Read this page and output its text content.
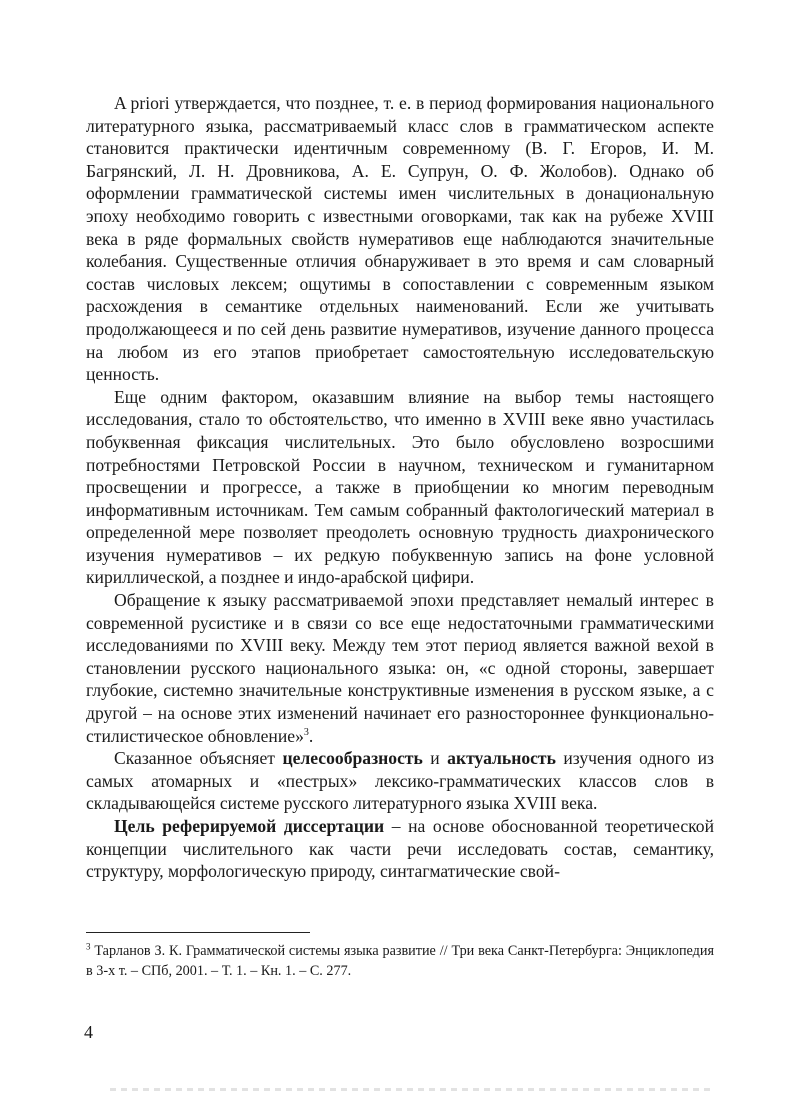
A priori утверждается, что позднее, т. е. в период формирования национального литературного языка, рассматриваемый класс слов в грамматическом аспекте становится практически идентичным современному (В. Г. Егоров, И. М. Багрянский, Л. Н. Дровникова, А. Е. Супрун, О. Ф. Жолобов). Однако об оформлении грамматической системы имен числительных в донациональную эпоху необходимо говорить с известными оговорками, так как на рубеже XVIII века в ряде формальных свойств нумеративов еще наблюдаются значительные колебания. Существенные отличия обнаруживает в это время и сам словарный состав числовых лексем; ощутимы в сопоставлении с современным языком расхождения в семантике отдельных наименований. Если же учитывать продолжающееся и по сей день развитие нумеративов, изучение данного процесса на любом из его этапов приобретает самостоятельную исследовательскую ценность.

Еще одним фактором, оказавшим влияние на выбор темы настоящего исследования, стало то обстоятельство, что именно в XVIII веке явно участилась побуквенная фиксация числительных. Это было обусловлено возросшими потребностями Петровской России в научном, техническом и гуманитарном просвещении и прогрессе, а также в приобщении ко многим переводным информативным источникам. Тем самым собранный фактологический материал в определенной мере позволяет преодолеть основную трудность диахронического изучения нумеративов – их редкую побуквенную запись на фоне условной кириллической, а позднее и индо-арабской цифири.

Обращение к языку рассматриваемой эпохи представляет немалый интерес в современной русистике и в связи со все еще недостаточными грамматическими исследованиями по XVIII веку. Между тем этот период является важной вехой в становлении русского национального языка: он, «с одной стороны, завершает глубокие, системно значительные конструктивные изменения в русском языке, а с другой – на основе этих изменений начинает его разностороннее функционально-стилистическое обновление»$^3$.

Сказанное объясняет целесообразность и актуальность изучения одного из самых атомарных и «пестрых» лексико-грамматических классов слов в складывающейся системе русского литературного языка XVIII века.

Цель реферируемой диссертации – на основе обоснованной теоретической концепции числительного как части речи исследовать состав, семантику, структуру, морфологическую природу, синтагматические свой-

$^3$ Тарланов З. К. Грамматической системы языка развитие // Три века Санкт-Петербурга: Энциклопедия в 3-х т. – СПб, 2001. – Т. 1. – Кн. 1. – С. 277.

4
